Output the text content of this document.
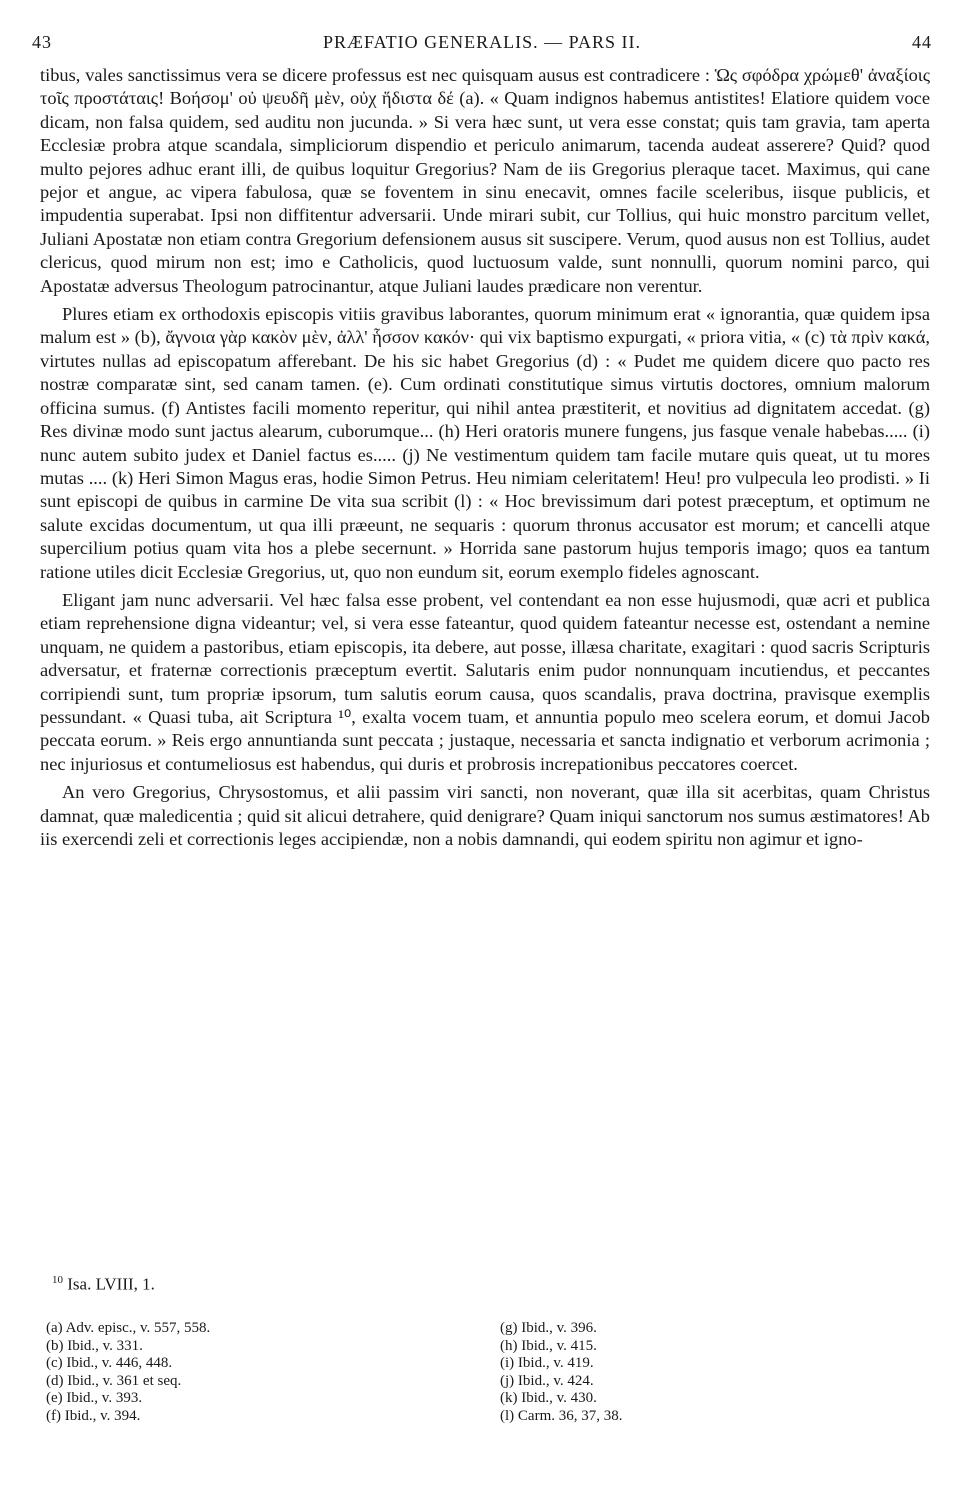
43	PRÆFATIO GENERALIS. — PARS II.	44

tibus, vales sanctissimus vera se dicere professus est nec quisquam ausus est contradicere : Ὡς σφόδρα χρώμεθ' ἀναξίοις τοῖς προστάταις! Βοήσομ' οὐ ψευδῆ μὲν, οὐχ ἥδιστα δέ (a). « Quam indignos habemus antistites! Elatiore quidem voce dicam, non falsa quidem, sed auditu non jucunda. » Si vera hæc sunt, ut vera esse constat; quis tam gravia, tam aperta Ecclesiæ probra atque scandala, simpliciorum dispendio et periculo animarum, tacenda audeat asserere? Quid? quod multo pejores adhuc erant illi, de quibus loquitur Gregorius? Nam de iis Gregorius pleraque tacet. Maximus, qui cane pejor et angue, ac vipera fabulosa, quæ se foventem in sinu enecavit, omnes facile sceleribus, iisque publicis, et impudentia superabat. Ipsi non diffitentur adversarii. Unde mirari subit, cur Tollius, qui huic monstro parcitum vellet, Juliani Apostatæ non etiam contra Gregorium defensionem ausus sit suscipere. Verum, quod ausus non est Tollius, audet clericus, quod mirum non est; imo e Catholicis, quod luctuosum valde, sunt nonnulli, quorum nomini parco, qui Apostatæ adversus Theologum patrocinantur, atque Juliani laudes prædicare non verentur.

Plures etiam ex orthodoxis episcopis vitiis gravibus laborantes, quorum minimum erat « ignorantia, quæ quidem ipsa malum est » (b), ἄγνοια γὰρ κακὸν μὲν, ἀλλ' ἧσσον κακόν· qui vix baptismo expurgati, « priora vitia, « (c) τὰ πρὶν κακά, virtutes nullas ad episcopatum afferebant. De his sic habet Gregorius (d) : « Pudet me quidem dicere quo pacto res nostræ comparatæ sint, sed canam tamen. (e). Cum ordinati constitutique simus virtutis doctores, omnium malorum officina sumus. (f) Antistes facili momento reperitur, qui nihil antea præstiterit, et novitius ad dignitatem accedat. (g) Res divinæ modo sunt jactus alearum, cuborumque... (h) Heri oratoris munere fungens, jus fasque venale habebas..... (i) nunc autem subito judex et Daniel factus es..... (j) Ne vestimentum quidem tam facile mutare quis queat, ut tu mores mutas .... (k) Heri Simon Magus eras, hodie Simon Petrus. Heu nimiam celeritatem! Heu! pro vulpecula leo prodisti. » Ii sunt episcopi de quibus in carmine De vita sua scribit (l) : « Hoc brevissimum dari potest præceptum, et optimum ne salute excidas documentum, ut qua illi præeunt, ne sequaris : quorum thronus accusator est morum; et cancelli atque supercilium potius quam vita hos a plebe secernunt. » Horrida sane pastorum hujus temporis imago; quos ea tantum ratione utiles dicit Ecclesiæ Gregorius, ut, quo non eundum sit, eorum exemplo fideles agnoscant.

Eligant jam nunc adversarii. Vel hæc falsa esse probent, vel contendant ea non esse hujusmodi, quæ acri et publica etiam reprehensione digna videantur; vel, si vera esse fateantur, quod quidem fateantur necesse est, ostendant a nemine unquam, ne quidem a pastoribus, etiam episcopis, ita debere, aut posse, illæsa charitate, exagitari : quod sacris Scripturis adversatur, et fraternæ correctionis præceptum evertit. Salutaris enim pudor nonnunquam incutiendus, et peccantes corripiendi sunt, tum propriæ ipsorum, tum salutis eorum causa, quos scandalis, prava doctrina, pravisque exemplis pessundant. « Quasi tuba, ait Scriptura ¹⁰, exalta vocem tuam, et annuntia populo meo scelera eorum, et domui Jacob peccata eorum. » Reis ergo annuntianda sunt peccata ; justaque, necessaria et sancta indignatio et verborum acrimonia ; nec injuriosus et contumeliosus est habendus, qui duris et probrosis increpationibus peccatores coercet.

An vero Gregorius, Chrysostomus, et alii passim viri sancti, non noverant, quæ illa sit acerbitas, quam Christus damnat, quæ maledicentia ; quid sit alicui detrahere, quid denigrare? Quam iniqui sanctorum nos sumus æstimatores! Ab iis exercendi zeli et correctionis leges accipiendæ, non a nobis damnandi, qui eodem spiritu non agimur et igno-

$^{10}$ Isa. LVIII, 1.
(a) Adv. episc., v. 557, 558.
(b) Ibid., v. 331.
(c) Ibid., v. 446, 448.
(d) Ibid., v. 361 et seq.
(e) Ibid., v. 393.
(f) Ibid., v. 394.
(g) Ibid., v. 396.
(h) Ibid., v. 415.
(i) Ibid., v. 419.
(j) Ibid., v. 424.
(k) Ibid., v. 430.
(l) Carm. 36, 37, 38.
